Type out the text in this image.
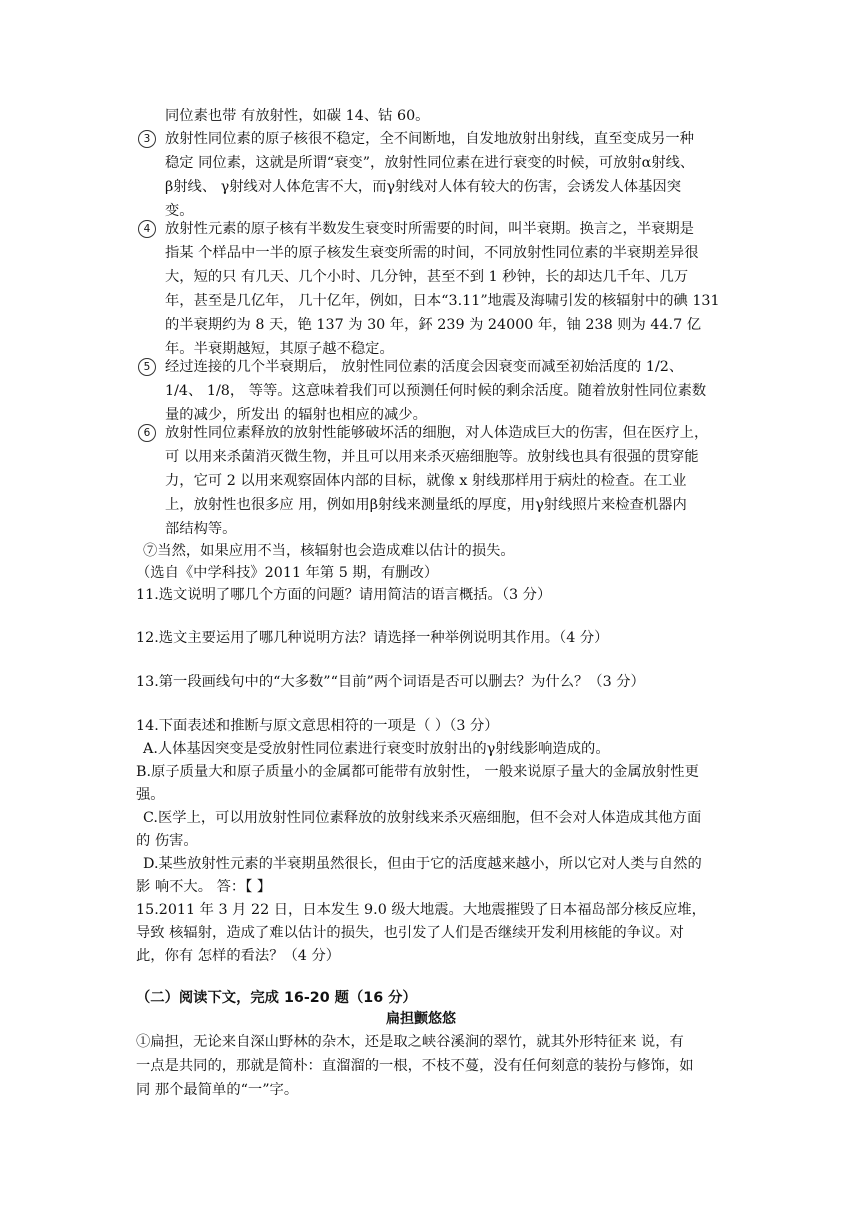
同位素也带 有放射性，如碳 14、钴 60。
3	放射性同位素的原子核很不稳定，全不间断地，自发地放射出射线，直至变成另一种
稳定 同位素，这就是所谓“衰变”，放射性同位素在进行衰变的时候，可放射α射线、
β射线、 γ射线对人体危害不大，而γ射线对人体有较大的伤害，会诱发人体基因突
变。
4	放射性元素的原子核有半数发生衰变时所需要的时间，叫半衰期。换言之，半衰期是
指某 个样品中一半的原子核发生衰变所需的时间，不同放射性同位素的半衰期差异很
大，短的只 有几天、几个小时、几分钟，甚至不到 1 秒钟，长的却达几千年、几万
年，甚至是几亿年， 几十亿年，例如，日本“3.11”地震及海啸引发的核辐射中的碘 131
的半衰期约为 8 天，铯 137 为 30 年，鈈 239 为 24000 年，铀 238 则为 44.7 亿
年。半衰期越短，其原子越不稳定。
5	经过连接的几个半衰期后， 放射性同位素的活度会因衰变而减至初始活度的 1/2、
1/4、 1/8， 等等。这意味着我们可以预测任何时候的剩余活度。随着放射性同位素数
量的减少，所发出 的辐射也相应的减少。
6	放射性同位素释放的放射性能够破坏活的细胞，对人体造成巨大的伤害，但在医疗上，
可 以用来杀菌消灭微生物，并且可以用来杀灭癌细胞等。放射线也具有很强的贯穿能
力，它可 2 以用来观察固体内部的目标，就像 x 射线那样用于病灶的检查。在工业
上，放射性也很多应 用，例如用β射线来测量纸的厚度，用γ射线照片来检查机器内
部结构等。
⑦当然，如果应用不当，核辐射也会造成难以估计的损失。
（选自《中学科技》2011 年第 5 期，有删改）
11.选文说明了哪几个方面的问题？请用简洁的语言概括。（3 分）
12.选文主要运用了哪几种说明方法？请选择一种举例说明其作用。（4 分）
13.第一段画线句中的“大多数”“目前”两个词语是否可以删去？为什么？（3 分）
14.下面表述和推断与原文意思相符的一项是（ ）（3 分）
A.人体基因突变是受放射性同位素进行衰变时放射出的γ射线影响造成的。
B.原子质量大和原子质量小的金属都可能带有放射性， 一般来说原子量大的金属放射性更
强。
C.医学上，可以用放射性同位素释放的放射线来杀灭癌细胞，但不会对人体造成其他方面
的 伤害。
D.某些放射性元素的半衰期虽然很长，但由于它的活度越来越小，所以它对人类与自然的
影 响不大。 答：【 】
15.2011 年 3 月 22 日，日本发生 9.0 级大地震。大地震摧毁了日本福岛部分核反应堆，
导致 核辐射，造成了难以估计的损失，也引发了人们是否继续开发利用核能的争议。对
此，你有 怎样的看法？（4 分）
（二）阅读下文，完成 16-20 题（16 分）
扁担颤悠悠
①扁担，无论来自深山野林的杂木，还是取之峡谷溪涧的翠竹，就其外形特征来 说，有
一点是共同的，那就是简朴：直溜溜的一根，不枝不蔓，没有任何刻意的装扮与修饰，如
同 那个最简单的“一”字。
